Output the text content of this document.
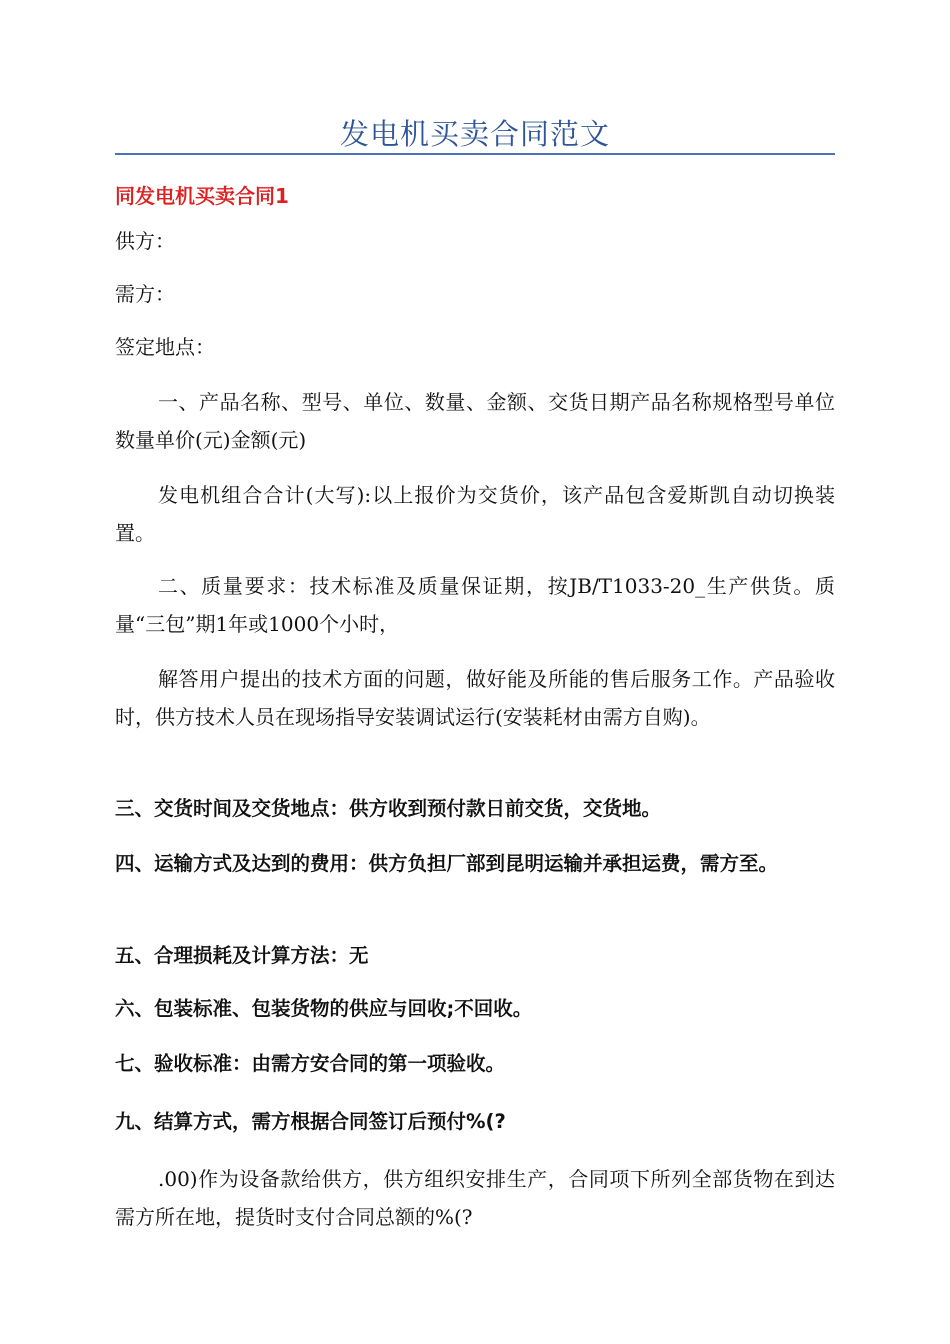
发电机买卖合同范文
同发电机买卖合同1
供方：
需方：
签定地点：
一、产品名称、型号、单位、数量、金额、交货日期产品名称规格型号单位数量单价(元)金额(元)
发电机组合合计(大写):以上报价为交货价，该产品包含爱斯凯自动切换装置。
二、质量要求：技术标准及质量保证期，按JB/T1033-20_生产供货。质量“三包”期1年或1000个小时，
解答用户提出的技术方面的问题，做好能及所能的售后服务工作。产品验收时，供方技术人员在现场指导安装调试运行(安装耗材由需方自购)。
三、交货时间及交货地点：供方收到预付款日前交货，交货地。
四、运输方式及达到的费用：供方负担厂部到昆明运输并承担运费，需方至。
五、合理损耗及计算方法：无
六、包装标准、包装货物的供应与回收;不回收。
七、验收标准：由需方安合同的第一项验收。
九、结算方式，需方根据合同签订后预付%(?
.00)作为设备款给供方，供方组织安排生产，合同项下所列全部货物在到达需方所在地，提货时支付合同总额的%(?
